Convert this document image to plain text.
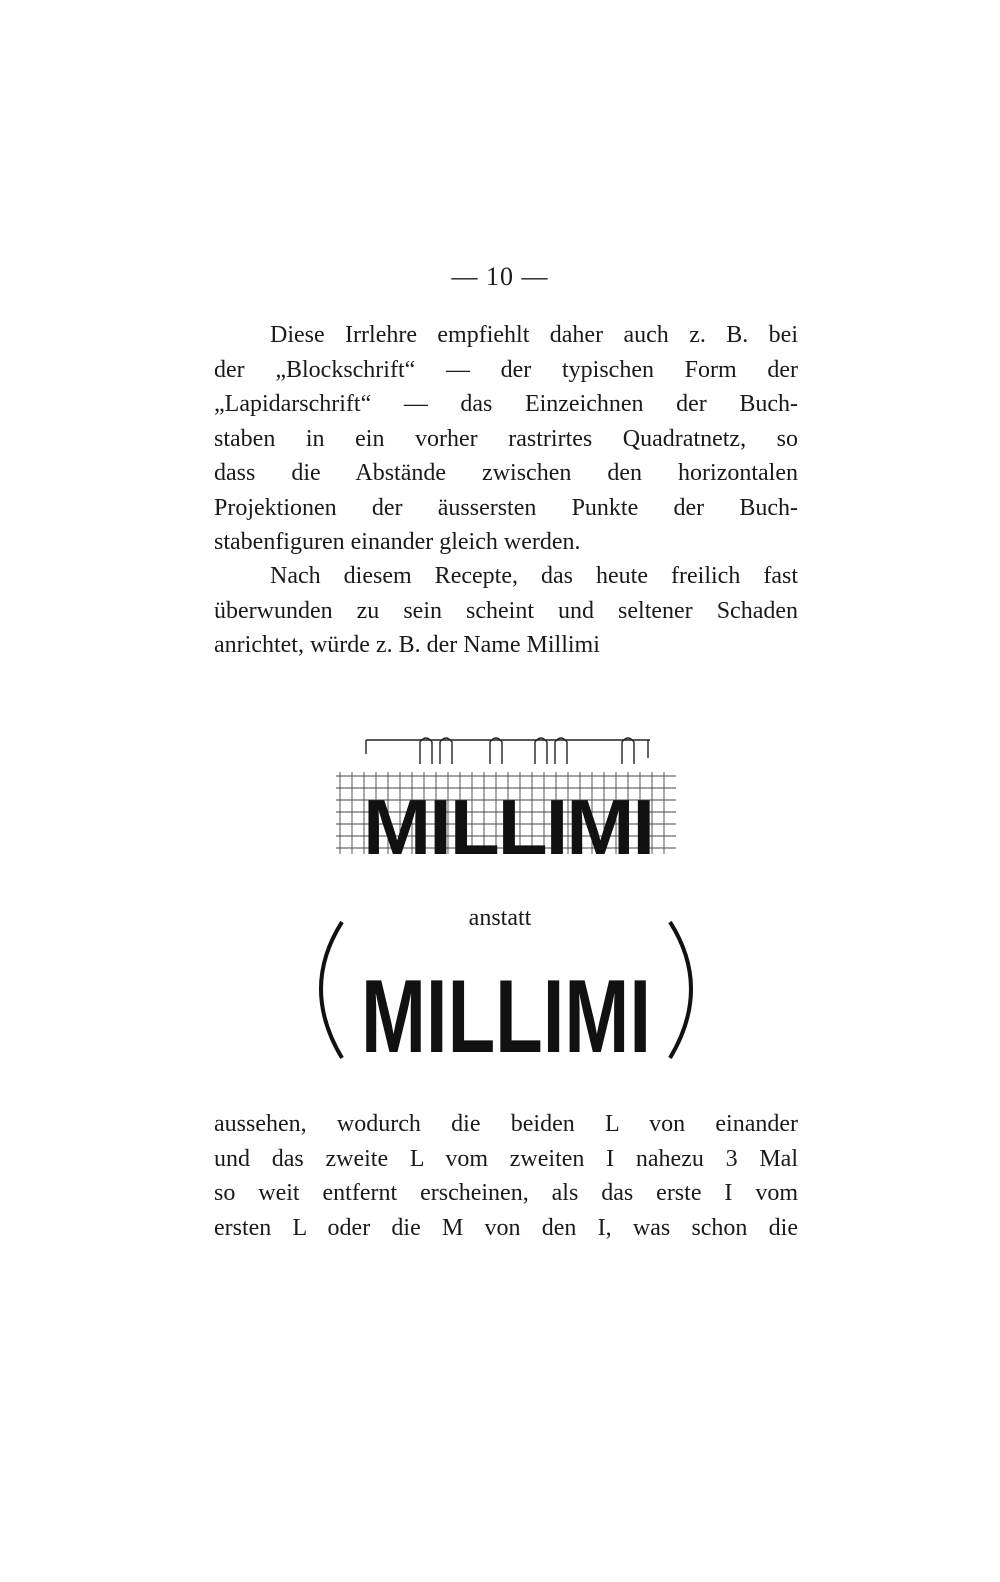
— 10 —

Diese Irrlehre empfiehlt daher auch z. B. bei
der „Blockschrift“ — der typischen Form der
„Lapidarschrift“ — das Einzeichnen der Buch-
staben in ein vorher rastrirtes Quadratnetz, so
dass die Abstände zwischen den horizontalen
Projektionen der äussersten Punkte der Buch-
stabenfiguren einander gleich werden.

Nach diesem Recepte, das heute freilich fast
überwunden zu sein scheint und seltener Schaden
anrichtet, würde z. B. der Name Millimi

MILLIMI
anstatt
MILLIMI

aussehen, wodurch die beiden L von einander
und das zweite L vom zweiten I nahezu 3 Mal
so weit entfernt erscheinen, als das erste I vom
ersten L oder die M von den I, was schon die
